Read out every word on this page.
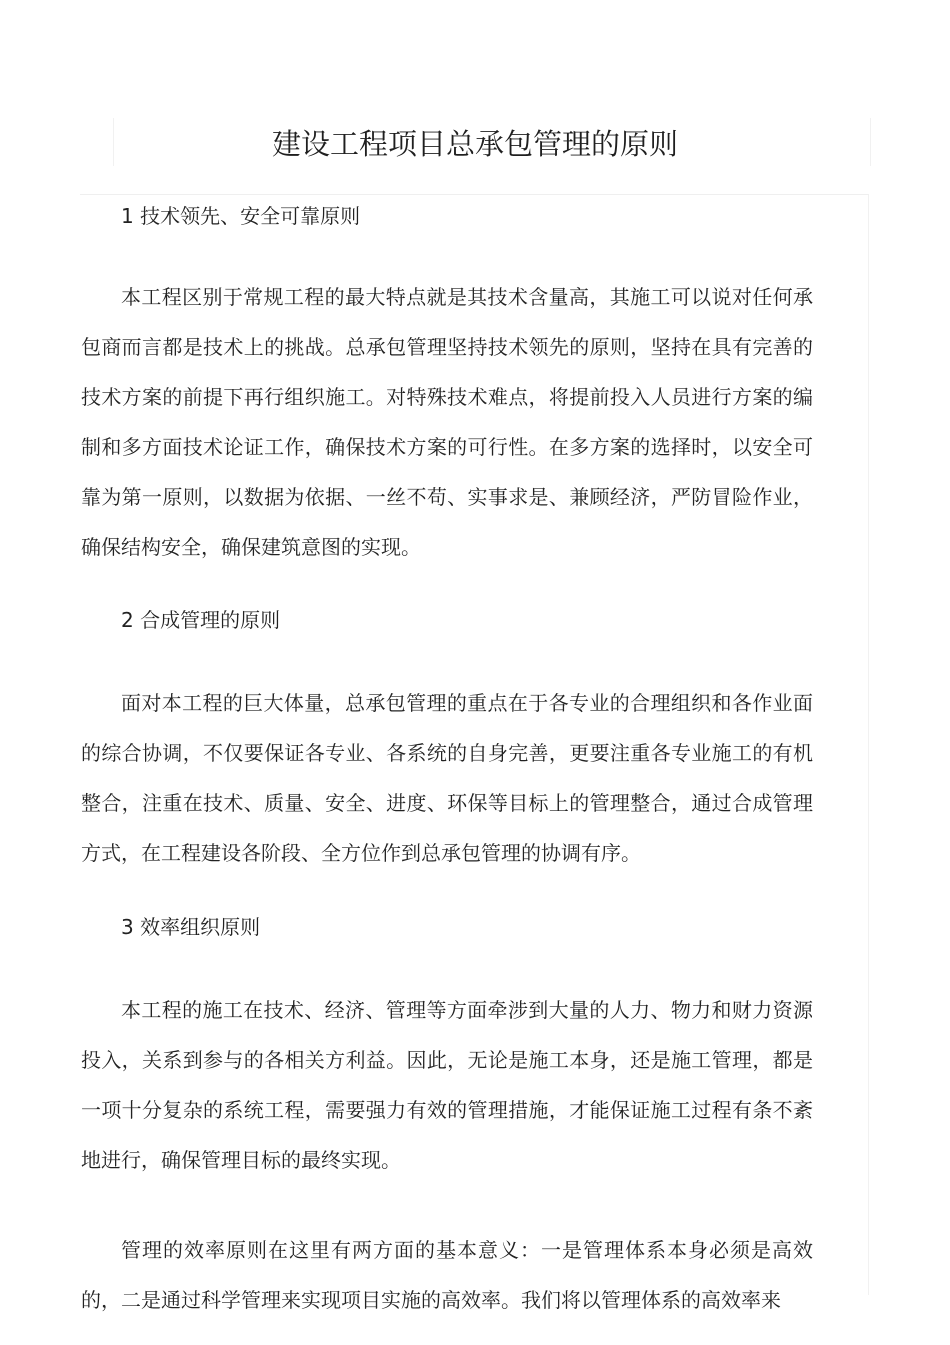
建设工程项目总承包管理的原则

1 技术领先、安全可靠原则

本工程区别于常规工程的最大特点就是其技术含量高，其施工可以说对任何承包商而言都是技术上的挑战。总承包管理坚持技术领先的原则，坚持在具有完善的技术方案的前提下再行组织施工。对特殊技术难点，将提前投入人员进行方案的编制和多方面技术论证工作，确保技术方案的可行性。在多方案的选择时，以安全可靠为第一原则，以数据为依据、一丝不苟、实事求是、兼顾经济，严防冒险作业，确保结构安全，确保建筑意图的实现。

2 合成管理的原则

面对本工程的巨大体量，总承包管理的重点在于各专业的合理组织和各作业面的综合协调，不仅要保证各专业、各系统的自身完善，更要注重各专业施工的有机整合，注重在技术、质量、安全、进度、环保等目标上的管理整合，通过合成管理方式，在工程建设各阶段、全方位作到总承包管理的协调有序。

3 效率组织原则

本工程的施工在技术、经济、管理等方面牵涉到大量的人力、物力和财力资源投入，关系到参与的各相关方利益。因此，无论是施工本身，还是施工管理，都是一项十分复杂的系统工程，需要强力有效的管理措施，才能保证施工过程有条不紊地进行，确保管理目标的最终实现。

管理的效率原则在这里有两方面的基本意义：一是管理体系本身必须是高效的，二是通过科学管理来实现项目实施的高效率。我们将以管理体系的高效率来
